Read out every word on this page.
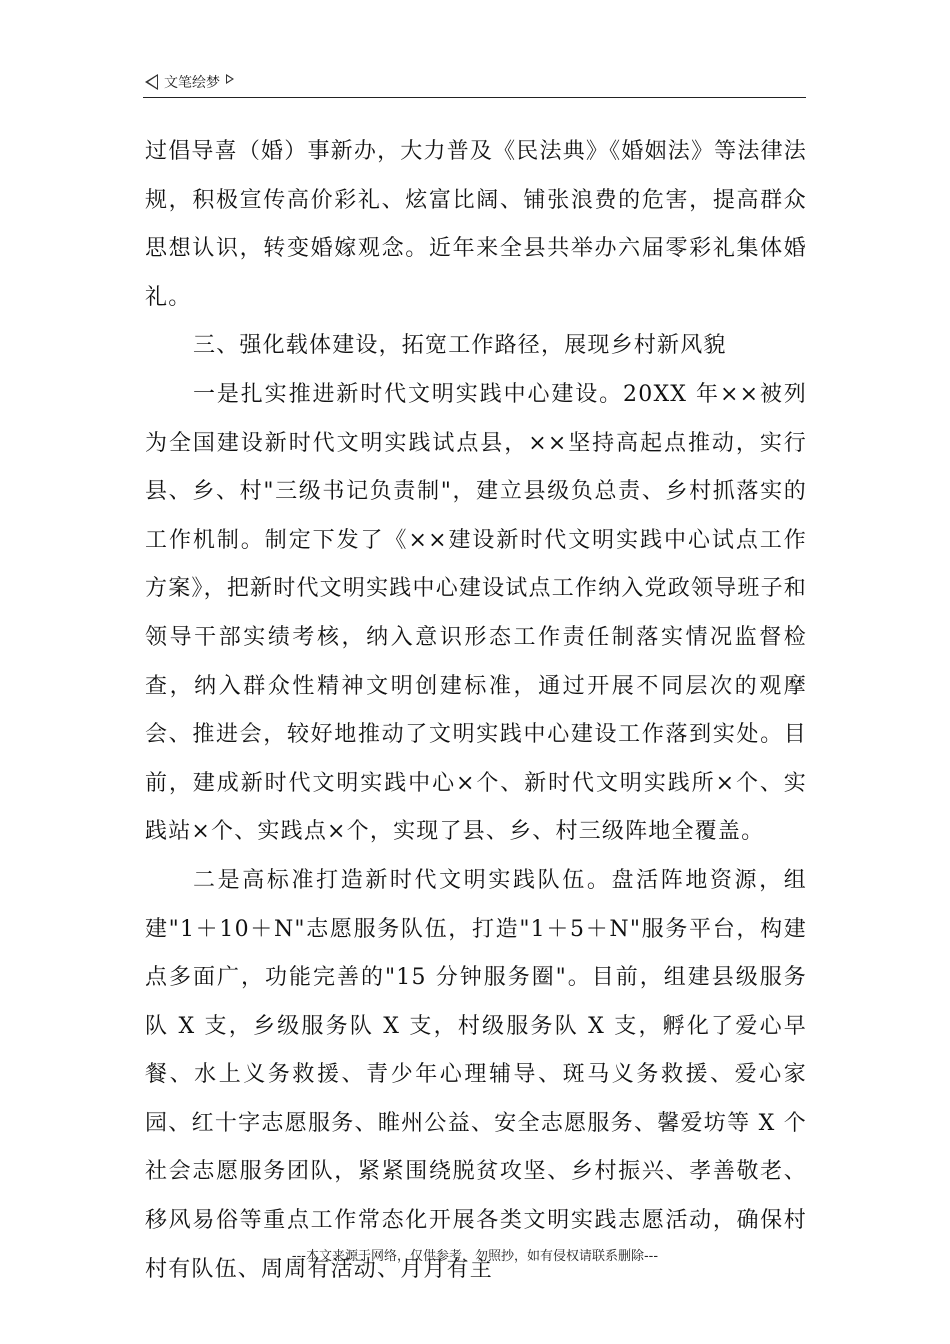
文笔绘梦

过倡导喜（婚）事新办，大力普及《民法典》《婚姻法》等法律法规，积极宣传高价彩礼、炫富比阔、铺张浪费的危害，提高群众思想认识，转变婚嫁观念。近年来全县共举办六届零彩礼集体婚礼。

三、强化载体建设，拓宽工作路径，展现乡村新风貌

一是扎实推进新时代文明实践中心建设。20XX 年××被列为全国建设新时代文明实践试点县，××坚持高起点推动，实行县、乡、村"三级书记负责制"，建立县级负总责、乡村抓落实的工作机制。制定下发了《××建设新时代文明实践中心试点工作方案》，把新时代文明实践中心建设试点工作纳入党政领导班子和领导干部实绩考核，纳入意识形态工作责任制落实情况监督检查，纳入群众性精神文明创建标准，通过开展不同层次的观摩会、推进会，较好地推动了文明实践中心建设工作落到实处。目前，建成新时代文明实践中心×个、新时代文明实践所×个、实践站×个、实践点×个，实现了县、乡、村三级阵地全覆盖。

二是高标准打造新时代文明实践队伍。盘活阵地资源，组建"1＋10＋N"志愿服务队伍，打造"1＋5＋N"服务平台，构建点多面广，功能完善的"15 分钟服务圈"。目前，组建县级服务队 X 支，乡级服务队 X 支，村级服务队 X 支，孵化了爱心早餐、水上义务救援、青少年心理辅导、斑马义务救援、爱心家园、红十字志愿服务、睢州公益、安全志愿服务、馨爱坊等 X 个社会志愿服务团队，紧紧围绕脱贫攻坚、乡村振兴、孝善敬老、移风易俗等重点工作常态化开展各类文明实践志愿活动，确保村村有队伍、周周有活动、月月有主

---本文来源于网络，仅供参考，勿照抄，如有侵权请联系删除---
